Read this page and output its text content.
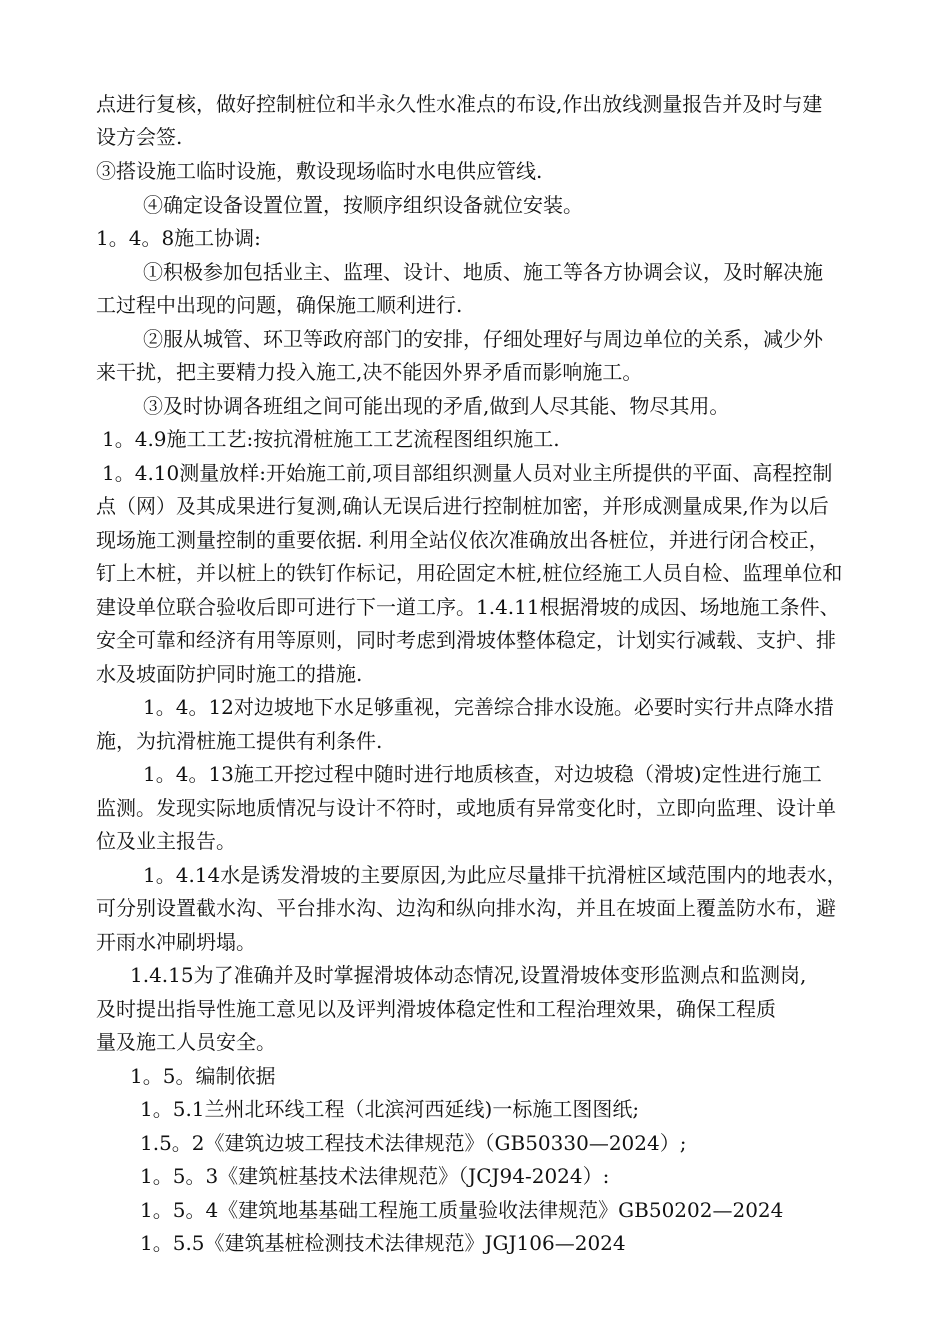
点进行复核，做好控制桩位和半永久性水准点的布设,作出放线测量报告并及时与建
设方会签.
③搭设施工临时设施，敷设现场临时水电供应管线.
④确定设备设置位置，按顺序组织设备就位安装。
1。4。8施工协调:
①积极参加包括业主、监理、设计、地质、施工等各方协调会议，及时解决施
工过程中出现的问题，确保施工顺利进行.
②服从城管、环卫等政府部门的安排，仔细处理好与周边单位的关系，减少外
来干扰，把主要精力投入施工,决不能因外界矛盾而影响施工。
③及时协调各班组之间可能出现的矛盾,做到人尽其能、物尽其用。
1。4.9施工工艺:按抗滑桩施工工艺流程图组织施工.
1。4.10测量放样:开始施工前,项目部组织测量人员对业主所提供的平面、高程控制
点（网）及其成果进行复测,确认无误后进行控制桩加密，并形成测量成果,作为以后
现场施工测量控制的重要依据. 利用全站仪依次准确放出各桩位，并进行闭合校正，
钉上木桩，并以桩上的铁钉作标记，用砼固定木桩,桩位经施工人员自检、监理单位和
建设单位联合验收后即可进行下一道工序。1.4.11根据滑坡的成因、场地施工条件、
安全可靠和经济有用等原则，同时考虑到滑坡体整体稳定，计划实行减载、支护、排
水及坡面防护同时施工的措施.
1。4。12对边坡地下水足够重视，完善综合排水设施。必要时实行井点降水措
施，为抗滑桩施工提供有利条件.
1。4。13施工开挖过程中随时进行地质核查，对边坡稳（滑坡)定性进行施工
监测。发现实际地质情况与设计不符时，或地质有异常变化时，立即向监理、设计单
位及业主报告。
1。4.14水是诱发滑坡的主要原因,为此应尽量排干抗滑桩区域范围内的地表水，
可分别设置截水沟、平台排水沟、边沟和纵向排水沟，并且在坡面上覆盖防水布，避
开雨水冲刷坍塌。
1.4.15为了准确并及时掌握滑坡体动态情况,设置滑坡体变形监测点和监测岗,
及时提出指导性施工意见以及评判滑坡体稳定性和工程治理效果，确保工程质
量及施工人员安全。
1。5。编制依据
1。5.1兰州北环线工程（北滨河西延线)一标施工图图纸;
1.5。2《建筑边坡工程技术法律规范》（GB50330—2024）;
1。5。3《建筑桩基技术法律规范》（JCJ94-2024）:
1。5。4《建筑地基基础工程施工质量验收法律规范》GB50202—2024
1。5.5《建筑基桩检测技术法律规范》JGJ106—2024
